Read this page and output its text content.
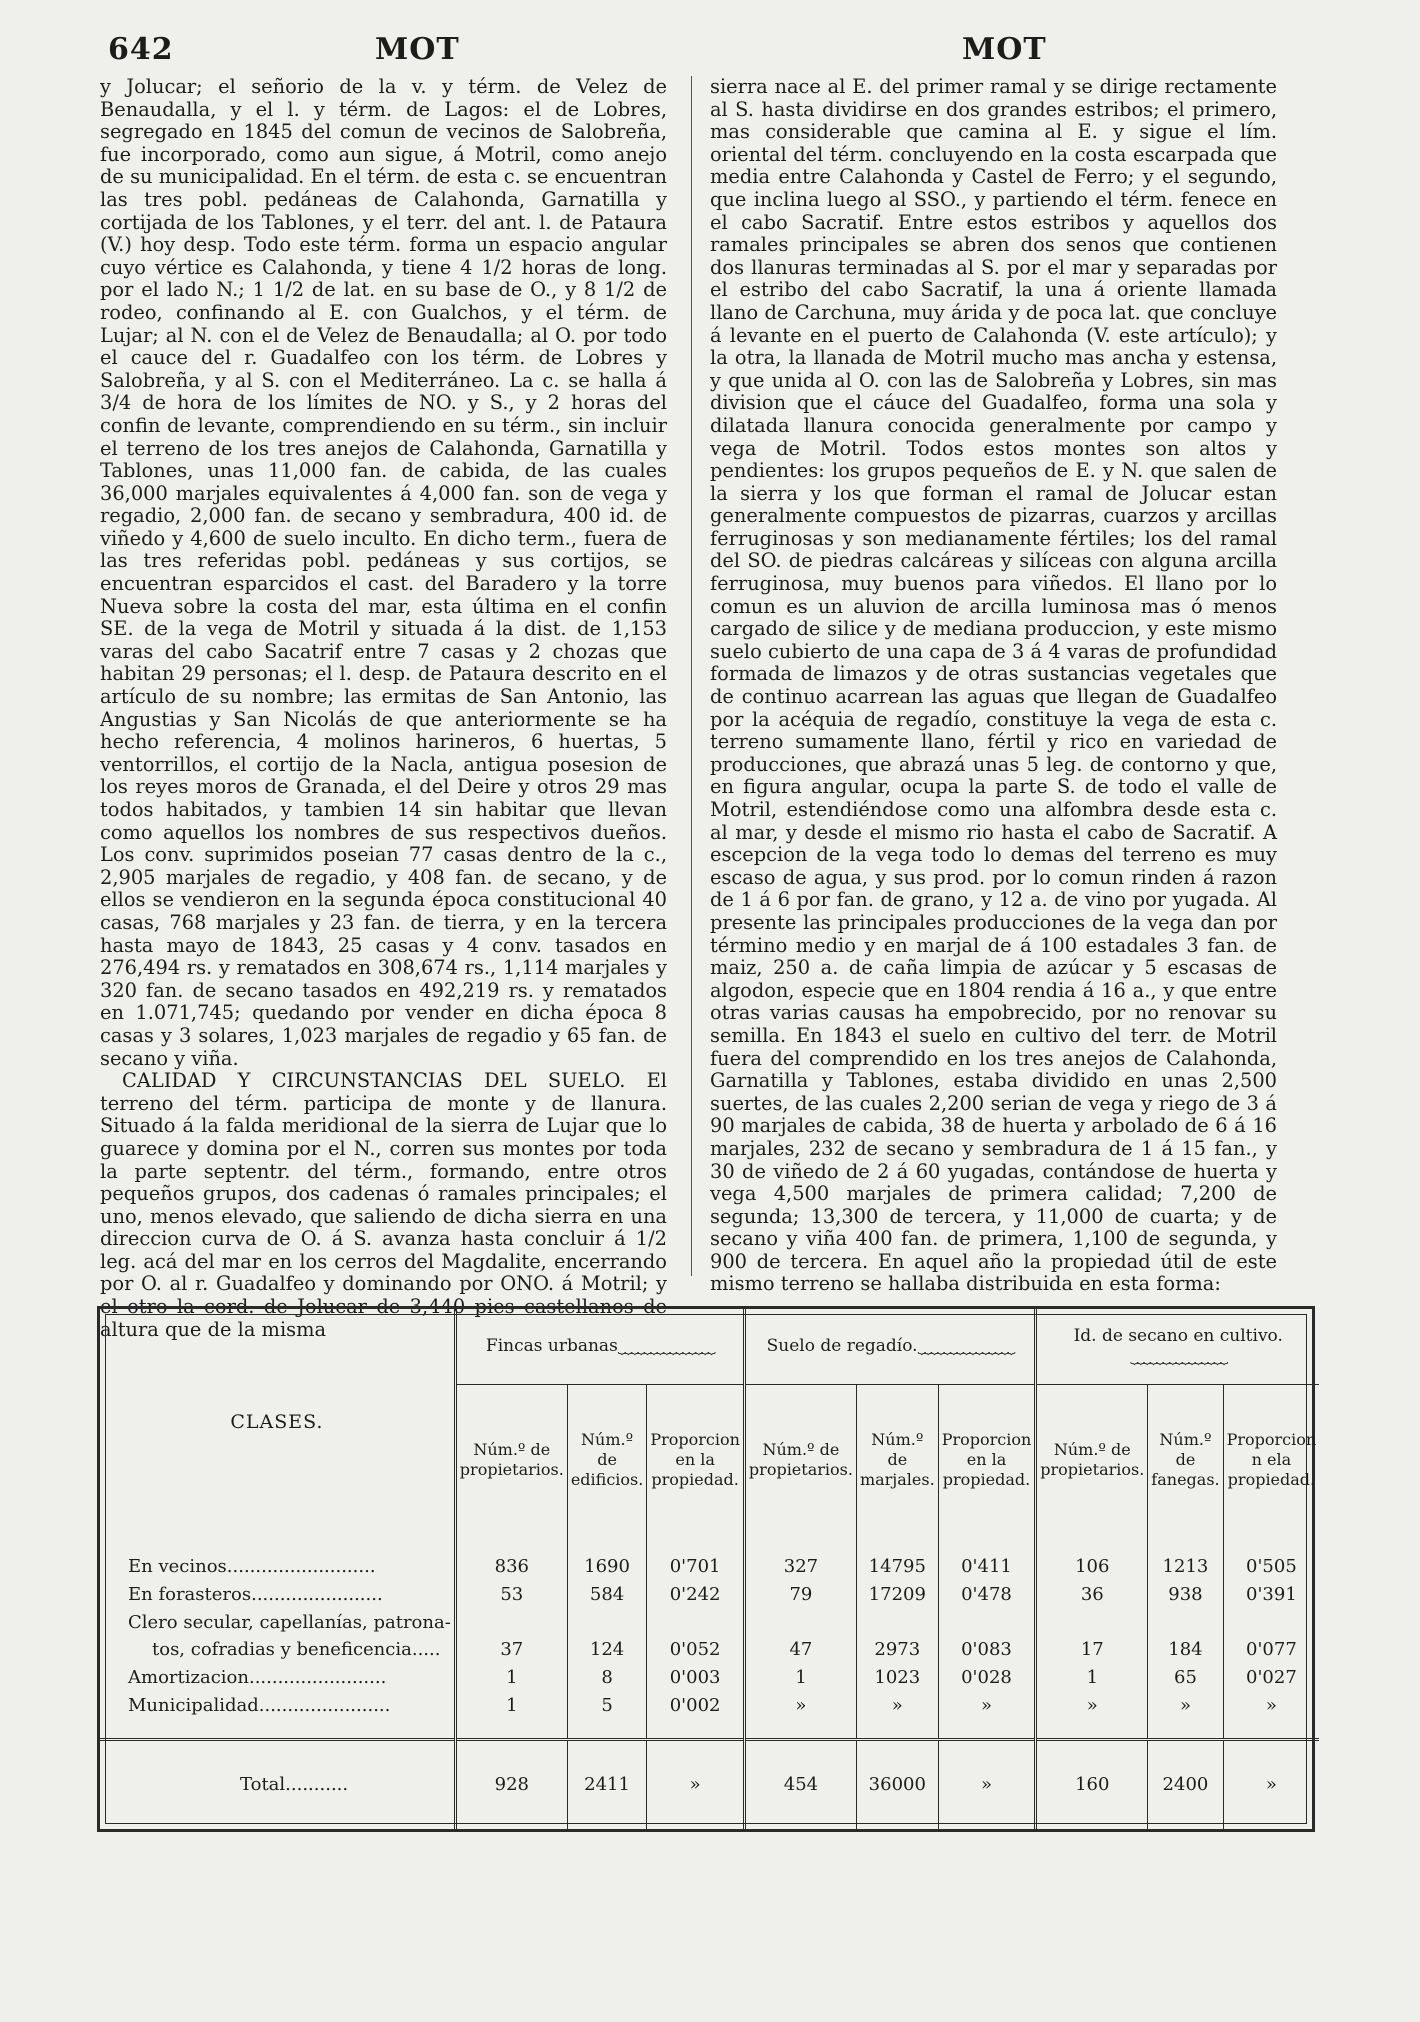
642	MOT	MOT

y Jolucar; el señorio de la v. y térm. de Velez de Benaudalla, y el l. y térm. de Lagos: el de Lobres, segregado en 1845 del comun de vecinos de Salobreña, fue incorporado, como aun sigue, á Motril, como anejo de su municipalidad. En el térm. de esta c. se encuentran las tres pobl. pedáneas de Calahonda, Garnatilla y cortijada de los Tablones, y el terr. del ant. l. de Pataura (V.) hoy desp. Todo este térm. forma un espacio angular cuyo vértice es Calahonda, y tiene 4 1/2 horas de long. por el lado N.; 1 1/2 de lat. en su base de O., y 8 1/2 de rodeo, confinando al E. con Gualchos, y el térm. de Lujar; al N. con el de Velez de Benaudalla; al O. por todo el cauce del r. Guadalfeo con los térm. de Lobres y Salobreña, y al S. con el Mediterráneo. La c. se halla á 3/4 de hora de los límites de NO. y S., y 2 horas del confin de levante, comprendiendo en su térm., sin incluir el terreno de los tres anejos de Calahonda, Garnatilla y Tablones, unas 11,000 fan. de cabida, de las cuales 36,000 marjales equivalentes á 4,000 fan. son de vega y regadio, 2,000 fan. de secano y sembradura, 400 id. de viñedo y 4,600 de suelo inculto. En dicho term., fuera de las tres referidas pobl. pedáneas y sus cortijos, se encuentran esparcidos el cast. del Baradero y la torre Nueva sobre la costa del mar, esta última en el confin SE. de la vega de Motril y situada á la dist. de 1,153 varas del cabo Sacatrif entre 7 casas y 2 chozas que habitan 29 personas; el l. desp. de Pataura descrito en el artículo de su nombre; las ermitas de San Antonio, las Angustias y San Nicolás de que anteriormente se ha hecho referencia, 4 molinos harineros, 6 huertas, 5 ventorrillos, el cortijo de la Nacla, antigua posesion de los reyes moros de Granada, el del Deire y otros 29 mas todos habitados, y tambien 14 sin habitar que llevan como aquellos los nombres de sus respectivos dueños. Los conv. suprimidos poseian 77 casas dentro de la c., 2,905 marjales de regadio, y 408 fan. de secano, y de ellos se vendieron en la segunda época constitucional 40 casas, 768 marjales y 23 fan. de tierra, y en la tercera hasta mayo de 1843, 25 casas y 4 conv. tasados en 276,494 rs. y rematados en 308,674 rs., 1,114 marjales y 320 fan. de secano tasados en 492,219 rs. y rematados en 1.071,745; quedando por vender en dicha época 8 casas y 3 solares, 1,023 marjales de regadio y 65 fan. de secano y viña.

CALIDAD Y CIRCUNSTANCIAS DEL SUELO. El terreno del térm. participa de monte y de llanura. Situado á la falda meridional de la sierra de Lujar que lo guarece y domina por el N., corren sus montes por toda la parte septentr. del térm., formando, entre otros pequeños grupos, dos cadenas ó ramales principales; el uno, menos elevado, que saliendo de dicha sierra en una direccion curva de O. á S. avanza hasta concluir á 1/2 leg. acá del mar en los cerros del Magdalite, encerrando por O. al r. Guadalfeo y dominando por ONO. á Motril; y el otro la cord. de Jolucar de 3,440 pies castellanos de altura que de la misma

sierra nace al E. del primer ramal y se dirige rectamente al S. hasta dividirse en dos grandes estribos; el primero, mas considerable que camina al E. y sigue el lím. oriental del térm. concluyendo en la costa escarpada que media entre Calahonda y Castel de Ferro; y el segundo, que inclina luego al SSO., y partiendo el térm. fenece en el cabo Sacratif. Entre estos estribos y aquellos dos ramales principales se abren dos senos que contienen dos llanuras terminadas al S. por el mar y separadas por el estribo del cabo Sacratif, la una á oriente llamada llano de Carchuna, muy árida y de poca lat. que concluye á levante en el puerto de Calahonda (V. este artículo); y la otra, la llanada de Motril mucho mas ancha y estensa, y que unida al O. con las de Salobreña y Lobres, sin mas division que el cáuce del Guadalfeo, forma una sola y dilatada llanura conocida generalmente por campo y vega de Motril. Todos estos montes son altos y pendientes: los grupos pequeños de E. y N. que salen de la sierra y los que forman el ramal de Jolucar estan generalmente compuestos de pizarras, cuarzos y arcillas ferruginosas y son medianamente fértiles; los del ramal del SO. de piedras calcáreas y silíceas con alguna arcilla ferruginosa, muy buenos para viñedos. El llano por lo comun es un aluvion de arcilla luminosa mas ó menos cargado de silice y de mediana produccion, y este mismo suelo cubierto de una capa de 3 á 4 varas de profundidad formada de limazos y de otras sustancias vegetales que de continuo acarrean las aguas que llegan de Guadalfeo por la acéquia de regadío, constituye la vega de esta c. terreno sumamente llano, fértil y rico en variedad de producciones, que abrazá unas 5 leg. de contorno y que, en figura angular, ocupa la parte S. de todo el valle de Motril, estendiéndose como una alfombra desde esta c. al mar, y desde el mismo rio hasta el cabo de Sacratif. A escepcion de la vega todo lo demas del terreno es muy escaso de agua, y sus prod. por lo comun rinden á razon de 1 á 6 por fan. de grano, y 12 a. de vino por yugada. Al presente las principales producciones de la vega dan por término medio y en marjal de á 100 estadales 3 fan. de maiz, 250 a. de caña limpia de azúcar y 5 escasas de algodon, especie que en 1804 rendia á 16 a., y que entre otras varias causas ha empobrecido, por no renovar su semilla. En 1843 el suelo en cultivo del terr. de Motril fuera del comprendido en los tres anejos de Calahonda, Garnatilla y Tablones, estaba dividido en unas 2,500 suertes, de las cuales 2,200 serian de vega y riego de 3 á 90 marjales de cabida, 38 de huerta y arbolado de 6 á 16 marjales, 232 de secano y sembradura de 1 á 15 fan., y 30 de viñedo de 2 á 60 yugadas, contándose de huerta y vega 4,500 marjales de primera calidad; 7,200 de segunda; 13,300 de tercera, y 11,000 de cuarta; y de secano y viña 400 fan. de primera, 1,100 de segunda, y 900 de tercera. En aquel año la propiedad útil de este mismo terreno se hallaba distribuida en esta forma:

CLASES.	Fincas urbanas⏟⏟⏟⏟⏟⏟⏟⏟⏟⏟⏟⏟⏟⏟⏟			Suelo de regadío.⏟⏟⏟⏟⏟⏟⏟⏟⏟⏟⏟⏟⏟⏟⏟			Id. de secano en cultivo.⏟⏟⏟⏟⏟⏟⏟⏟⏟⏟⏟⏟⏟⏟⏟		
	Núm.º de propietarios.	Núm.º de edificios.	Proporcion en la propiedad.	Núm.º de propietarios.	Núm.º de marjales.	Proporcion en la propiedad.	Núm.º de propietarios.	Núm.º de fanegas.	Proporcion n ela propiedad.

En vecinos..........................	836	1690	0'701	327	14795	0'411	106	1213	0'505
En forasteros.......................	53	584	0'242	79	17209	0'478	36	938	0'391
Clero secular, capellanías, patrona-									
tos, cofradias y beneficencia.....	37	124	0'052	47	2973	0'083	17	184	0'077
Amortizacion........................	1	8	0'003	1	1023	0'028	1	65	0'027
Municipalidad.......................	1	5	0'002	»	»	»	»	»	»

Total...........	928	2411	»	454	36000	»	160	2400	»
